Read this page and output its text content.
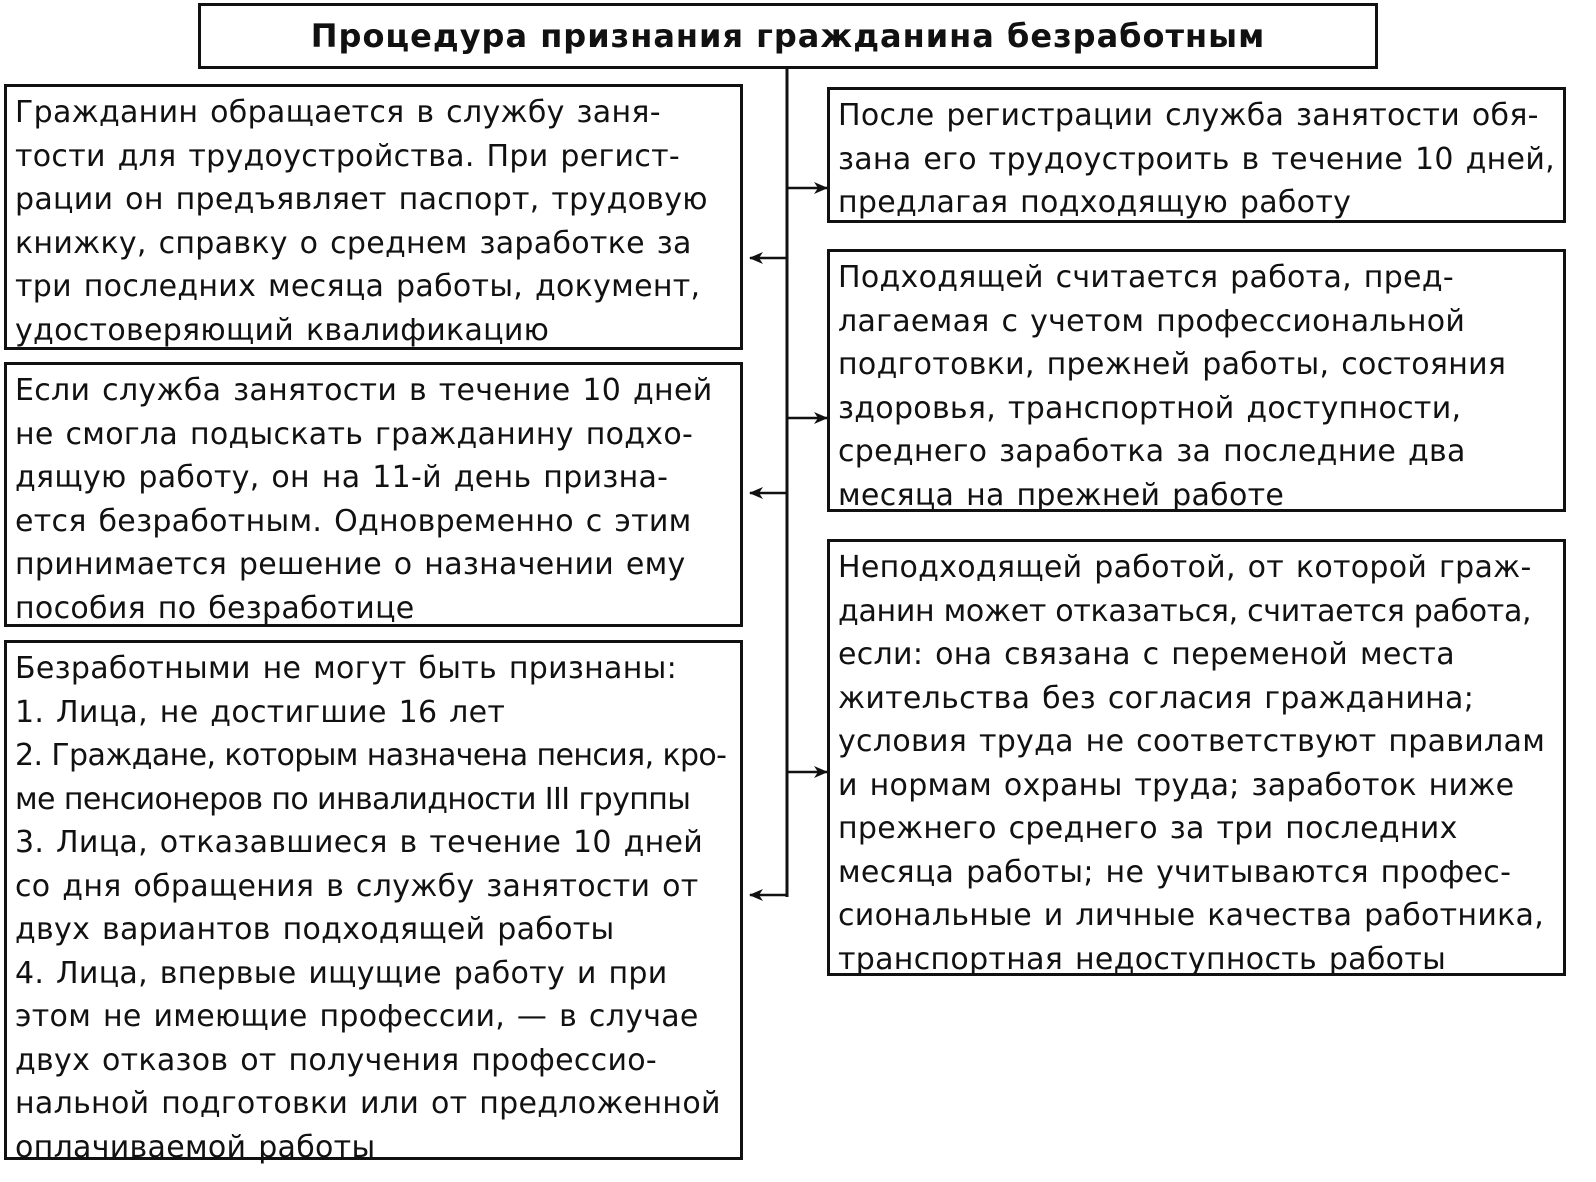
Процедура признания гражданина безработным
Гражданин обращается в службу заня-
тости для трудоустройства. При регист-
рации он предъявляет паспорт, трудовую
книжку, справку о среднем заработке за
три последних месяца работы, документ,
удостоверяющий квалификацию
Если служба занятости в течение 10 дней
не смогла подыскать гражданину подхо-
дящую работу, он на 11-й день призна-
ется безработным. Одновременно с этим
принимается решение о назначении ему
пособия по безработице
Безработными не могут быть признаны:
1. Лица, не достигшие 16 лет
2. Граждане, которым назначена пенсия, кро-
ме пенсионеров по инвалидности III группы
3. Лица, отказавшиеся в течение 10 дней
со дня обращения в службу занятости от
двух вариантов подходящей работы
4. Лица, впервые ищущие работу и при
этом не имеющие профессии, — в случае
двух отказов от получения профессио-
нальной подготовки или от предложенной
оплачиваемой работы
После регистрации служба занятости обя-
зана его трудоустроить в течение 10 дней,
предлагая подходящую работу
Подходящей считается работа, пред-
лагаемая с учетом профессиональной
подготовки, прежней работы, состояния
здоровья, транспортной доступности,
среднего заработка за последние два
месяца на прежней работе
Неподходящей работой, от которой граж-
данин может отказаться, считается работа,
если: она связана с переменой места
жительства без согласия гражданина;
условия труда не соответствуют правилам
и нормам охраны труда; заработок ниже
прежнего среднего за три последних
месяца работы; не учитываются профес-
сиональные и личные качества работника,
транспортная недоступность работы
